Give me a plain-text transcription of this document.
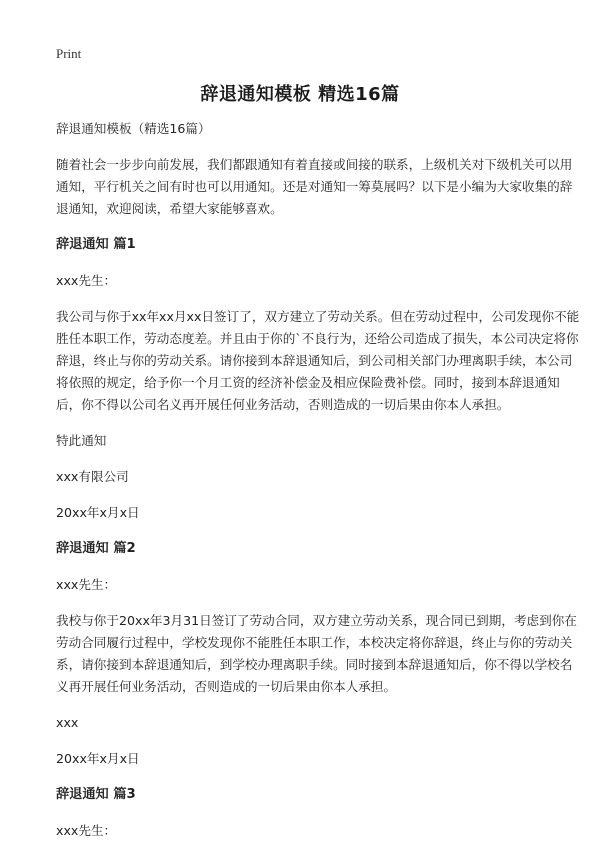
Print
辞退通知模板 精选16篇

辞退通知模板（精选16篇）

随着社会一步步向前发展，我们都跟通知有着直接或间接的联系，上级机关对下级机关可以用通知，平行机关之间有时也可以用通知。还是对通知一筹莫展吗？以下是小编为大家收集的辞退通知，欢迎阅读，希望大家能够喜欢。

辞退通知 篇1

xxx先生：

我公司与你于xx年xx月xx日签订了，双方建立了劳动关系。但在劳动过程中，公司发现你不能胜任本职工作，劳动态度差。并且由于你的`不良行为，还给公司造成了损失，本公司决定将你辞退，终止与你的劳动关系。请你接到本辞退通知后，到公司相关部门办理离职手续，本公司将依照的规定，给予你一个月工资的经济补偿金及相应保险费补偿。同时，接到本辞退通知后，你不得以公司名义再开展任何业务活动，否则造成的一切后果由你本人承担。

特此通知

xxx有限公司

20xx年x月x日

辞退通知 篇2

xxx先生：

我校与你于20xx年3月31日签订了劳动合同，双方建立劳动关系，现合同已到期，考虑到你在劳动合同履行过程中，学校发现你不能胜任本职工作，本校决定将你辞退，终止与你的劳动关系，请你接到本辞退通知后，到学校办理离职手续。同时接到本辞退通知后，你不得以学校名义再开展任何业务活动，否则造成的一切后果由你本人承担。

xxx

20xx年x月x日

辞退通知 篇3

xxx先生：
